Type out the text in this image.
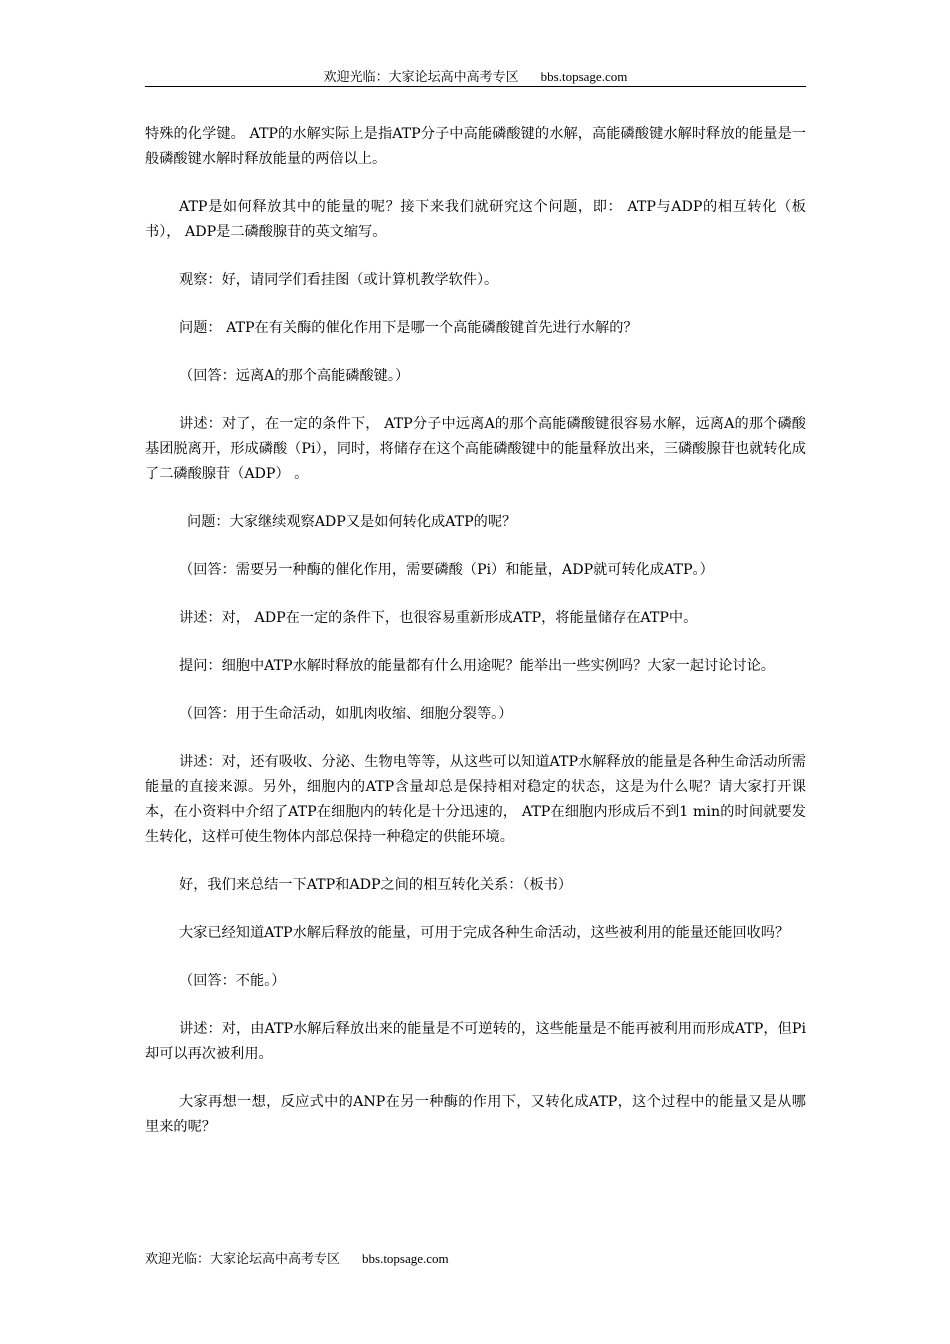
欢迎光临：大家论坛高中高考专区 bbs.topsage.com

特殊的化学键。 ATP的水解实际上是指ATP分子中高能磷酸键的水解，高能磷酸键水解时释放的能量是一般磷酸键水解时释放能量的两倍以上。

ATP是如何释放其中的能量的呢？接下来我们就研究这个问题，即： ATP与ADP的相互转化（板书）， ADP是二磷酸腺苷的英文缩写。

观察：好，请同学们看挂图（或计算机教学软件）。

问题： ATP在有关酶的催化作用下是哪一个高能磷酸键首先进行水解的？

（回答：远离A的那个高能磷酸键。）

讲述：对了，在一定的条件下， ATP分子中远离A的那个高能磷酸键很容易水解，远离A的那个磷酸基团脱离开，形成磷酸（Pi），同时，将储存在这个高能磷酸键中的能量释放出来，三磷酸腺苷也就转化成了二磷酸腺苷（ADP） 。

问题：大家继续观察ADP又是如何转化成ATP的呢？

（回答：需要另一种酶的催化作用，需要磷酸（Pi）和能量，ADP就可转化成ATP。）

讲述：对， ADP在一定的条件下，也很容易重新形成ATP，将能量储存在ATP中。

提问：细胞中ATP水解时释放的能量都有什么用途呢？能举出一些实例吗？大家一起讨论讨论。

（回答：用于生命活动，如肌肉收缩、细胞分裂等。）

讲述：对，还有吸收、分泌、生物电等等，从这些可以知道ATP水解释放的能量是各种生命活动所需能量的直接来源。另外，细胞内的ATP含量却总是保持相对稳定的状态，这是为什么呢？请大家打开课本，在小资料中介绍了ATP在细胞内的转化是十分迅速的， ATP在细胞内形成后不到1 min的时间就要发生转化，这样可使生物体内部总保持一种稳定的供能环境。

好，我们来总结一下ATP和ADP之间的相互转化关系：（板书）

大家已经知道ATP水解后释放的能量，可用于完成各种生命活动，这些被利用的能量还能回收吗？

（回答：不能。）

讲述：对，由ATP水解后释放出来的能量是不可逆转的，这些能量是不能再被利用而形成ATP，但Pi却可以再次被利用。

大家再想一想，反应式中的ANP在另一种酶的作用下，又转化成ATP，这个过程中的能量又是从哪里来的呢？

欢迎光临：大家论坛高中高考专区 bbs.topsage.com
